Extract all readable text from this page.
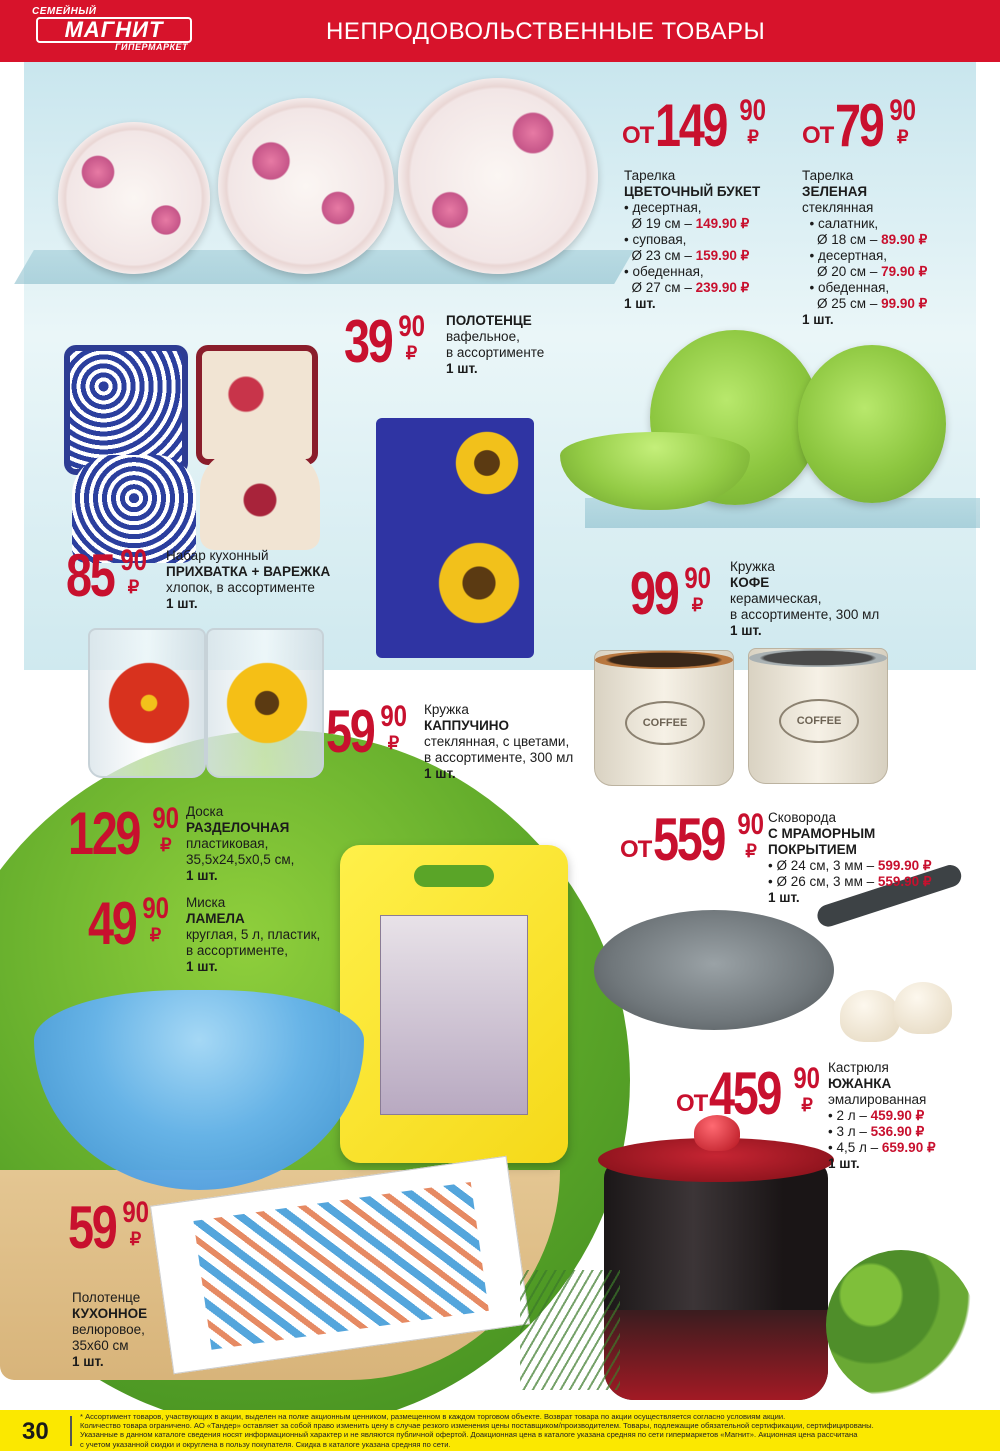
СЕМЕЙНЫЙ
МАГНИТ
ГИПЕРМАРКЕТ
НЕПРОДОВОЛЬСТВЕННЫЕ ТОВАРЫ
COFFEE	COFFEE
ОТ 149 90
₽
Тарелка
ЦВЕТОЧНЫЙ БУКЕТ
• десертная,
Ø 19 см – 149.90 ₽
• суповая,
Ø 23 см – 159.90 ₽
• обеденная,
Ø 27 см – 239.90 ₽
1 шт.
ОТ 79 90
₽
Тарелка
ЗЕЛЕНАЯ
стеклянная
• салатник,
Ø 18 см – 89.90 ₽
• десертная,
Ø 20 см – 79.90 ₽
• обеденная,
Ø 25 см – 99.90 ₽
1 шт.
39 90
₽
ПОЛОТЕНЦЕ
вафельное,
в ассортименте
1 шт.
85 90
₽
Набар кухонный
ПРИХВАТКА + ВАРЕЖКА
хлопок, в ассортименте
1 шт.	99 90
₽
Кружка
КОФЕ
керамическая,
в ассортименте, 300 мл
1 шт.
59 90
₽
Кружка
КАППУЧИНО
стеклянная, с цветами,
в ассортименте, 300 мл
1 шт.
129 90
₽
Доска
РАЗДЕЛОЧНАЯ
пластиковая,
35,5х24,5х0,5 см,
1 шт.
49 90
₽
Миска
ЛАМЕЛА
круглая, 5 л, пластик,
в ассортименте,
1 шт.
ОТ 559 90
₽
Сковорода
С МРАМОРНЫМ
ПОКРЫТИЕМ
• Ø 24 см, 3 мм – 599.90 ₽
• Ø 26 см, 3 мм – 559.90 ₽
1 шт.
ОТ 459 90
₽
Кастрюля
ЮЖАНКА
эмалированная
• 2 л – 459.90 ₽
• 3 л – 536.90 ₽
• 4,5 л – 659.90 ₽
1 шт.
59 90
₽
Полотенце
КУХОННОЕ
велюровое,
35х60 см
1 шт.
30
* Ассортимент товаров, участвующих в акции, выделен на полке акционным ценником, размещенном в каждом торговом объекте. Возврат товара по акции осуществляется согласно условиям акции.
Количество товара ограничено. АО «Тандер» оставляет за собой право изменить цену в случае резкого изменения цены поставщиком/производителем. Товары, подлежащие обязательной сертификации, сертифицированы.
Указанные в данном каталоге сведения носят информационный характер и не являются публичной офертой. Доакционная цена в каталоге указана средняя по сети гипермаркетов «Магнит». Акционная цена рассчитана
с учетом указанной скидки и округлена в пользу покупателя. Скидка в каталоге указана средняя по сети.
